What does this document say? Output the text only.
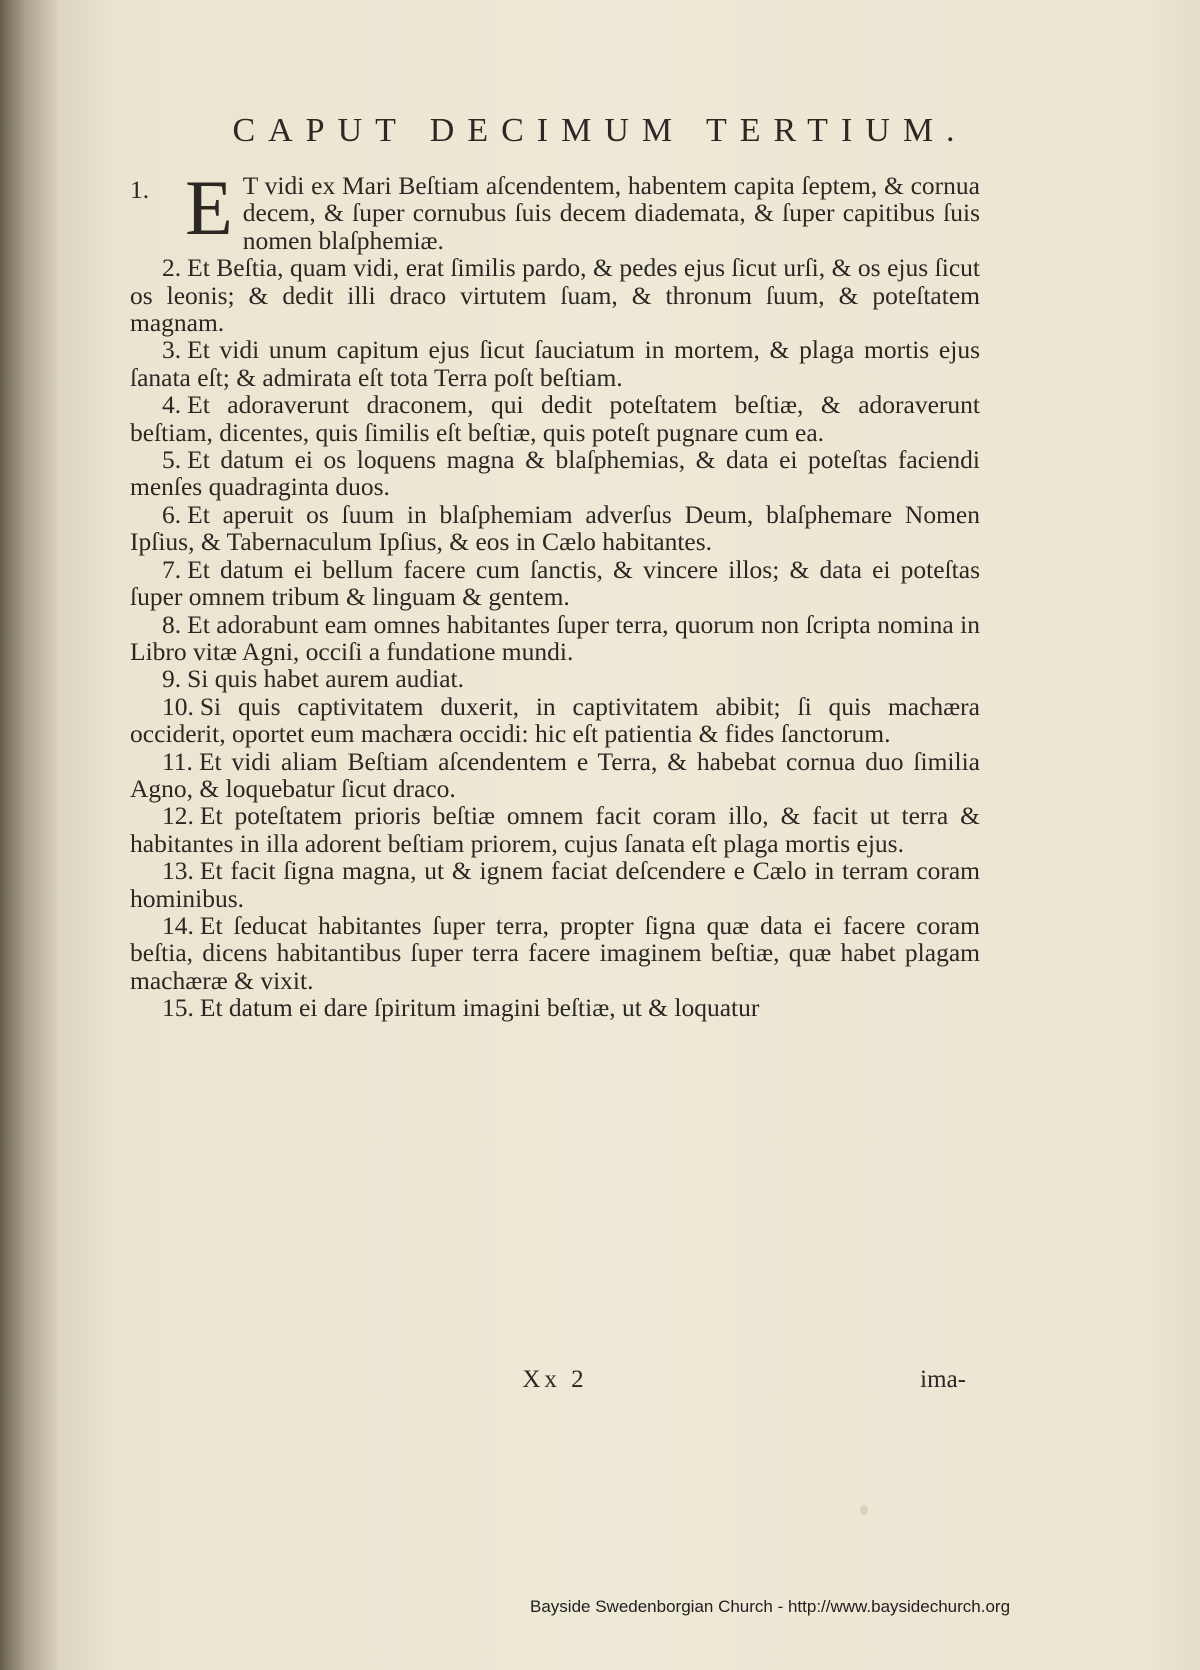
CAPUT DECIMUM TERTIUM.

1. E T vidi ex Mari Beſtiam aſcendentem, habentem capita ſeptem, & cornua decem, & ſuper cornubus ſuis decem diademata, & ſuper capitibus ſuis nomen blaſphemiæ.

2. Et Beſtia, quam vidi, erat ſimilis pardo, & pedes ejus ſicut urſi, & os ejus ſicut os leonis; & dedit illi draco virtutem ſuam, & thronum ſuum, & poteſtatem magnam.

3. Et vidi unum capitum ejus ſicut ſauciatum in mortem, & plaga mortis ejus ſanata eſt; & admirata eſt tota Terra poſt beſtiam.

4. Et adoraverunt draconem, qui dedit poteſtatem beſtiæ, & adoraverunt beſtiam, dicentes, quis ſimilis eſt beſtiæ, quis poteſt pugnare cum ea.

5. Et datum ei os loquens magna & blaſphemias, & data ei poteſtas faciendi menſes quadraginta duos.

6. Et aperuit os ſuum in blaſphemiam adverſus Deum, blaſphemare Nomen Ipſius, & Tabernaculum Ipſius, & eos in Cælo habitantes.

7. Et datum ei bellum facere cum ſanctis, & vincere illos; & data ei poteſtas ſuper omnem tribum & linguam & gentem.

8. Et adorabunt eam omnes habitantes ſuper terra, quorum non ſcripta nomina in Libro vitæ Agni, occiſi a fundatione mundi.

9. Si quis habet aurem audiat.

10. Si quis captivitatem duxerit, in captivitatem abibit; ſi quis machæra occiderit, oportet eum machæra occidi: hic eſt patientia & fides ſanctorum.

11. Et vidi aliam Beſtiam aſcendentem e Terra, & habebat cornua duo ſimilia Agno, & loquebatur ſicut draco.

12. Et poteſtatem prioris beſtiæ omnem facit coram illo, & facit ut terra & habitantes in illa adorent beſtiam priorem, cujus ſanata eſt plaga mortis ejus.

13. Et facit ſigna magna, ut & ignem faciat deſcendere e Cælo in terram coram hominibus.

14. Et ſeducat habitantes ſuper terra, propter ſigna quæ data ei facere coram beſtia, dicens habitantibus ſuper terra facere imaginem beſtiæ, quæ habet plagam machæræ & vixit.

15. Et datum ei dare ſpiritum imagini beſtiæ, ut & loquatur

Xx 2	ima-
Bayside Swedenborgian Church - http://www.baysidechurch.org
